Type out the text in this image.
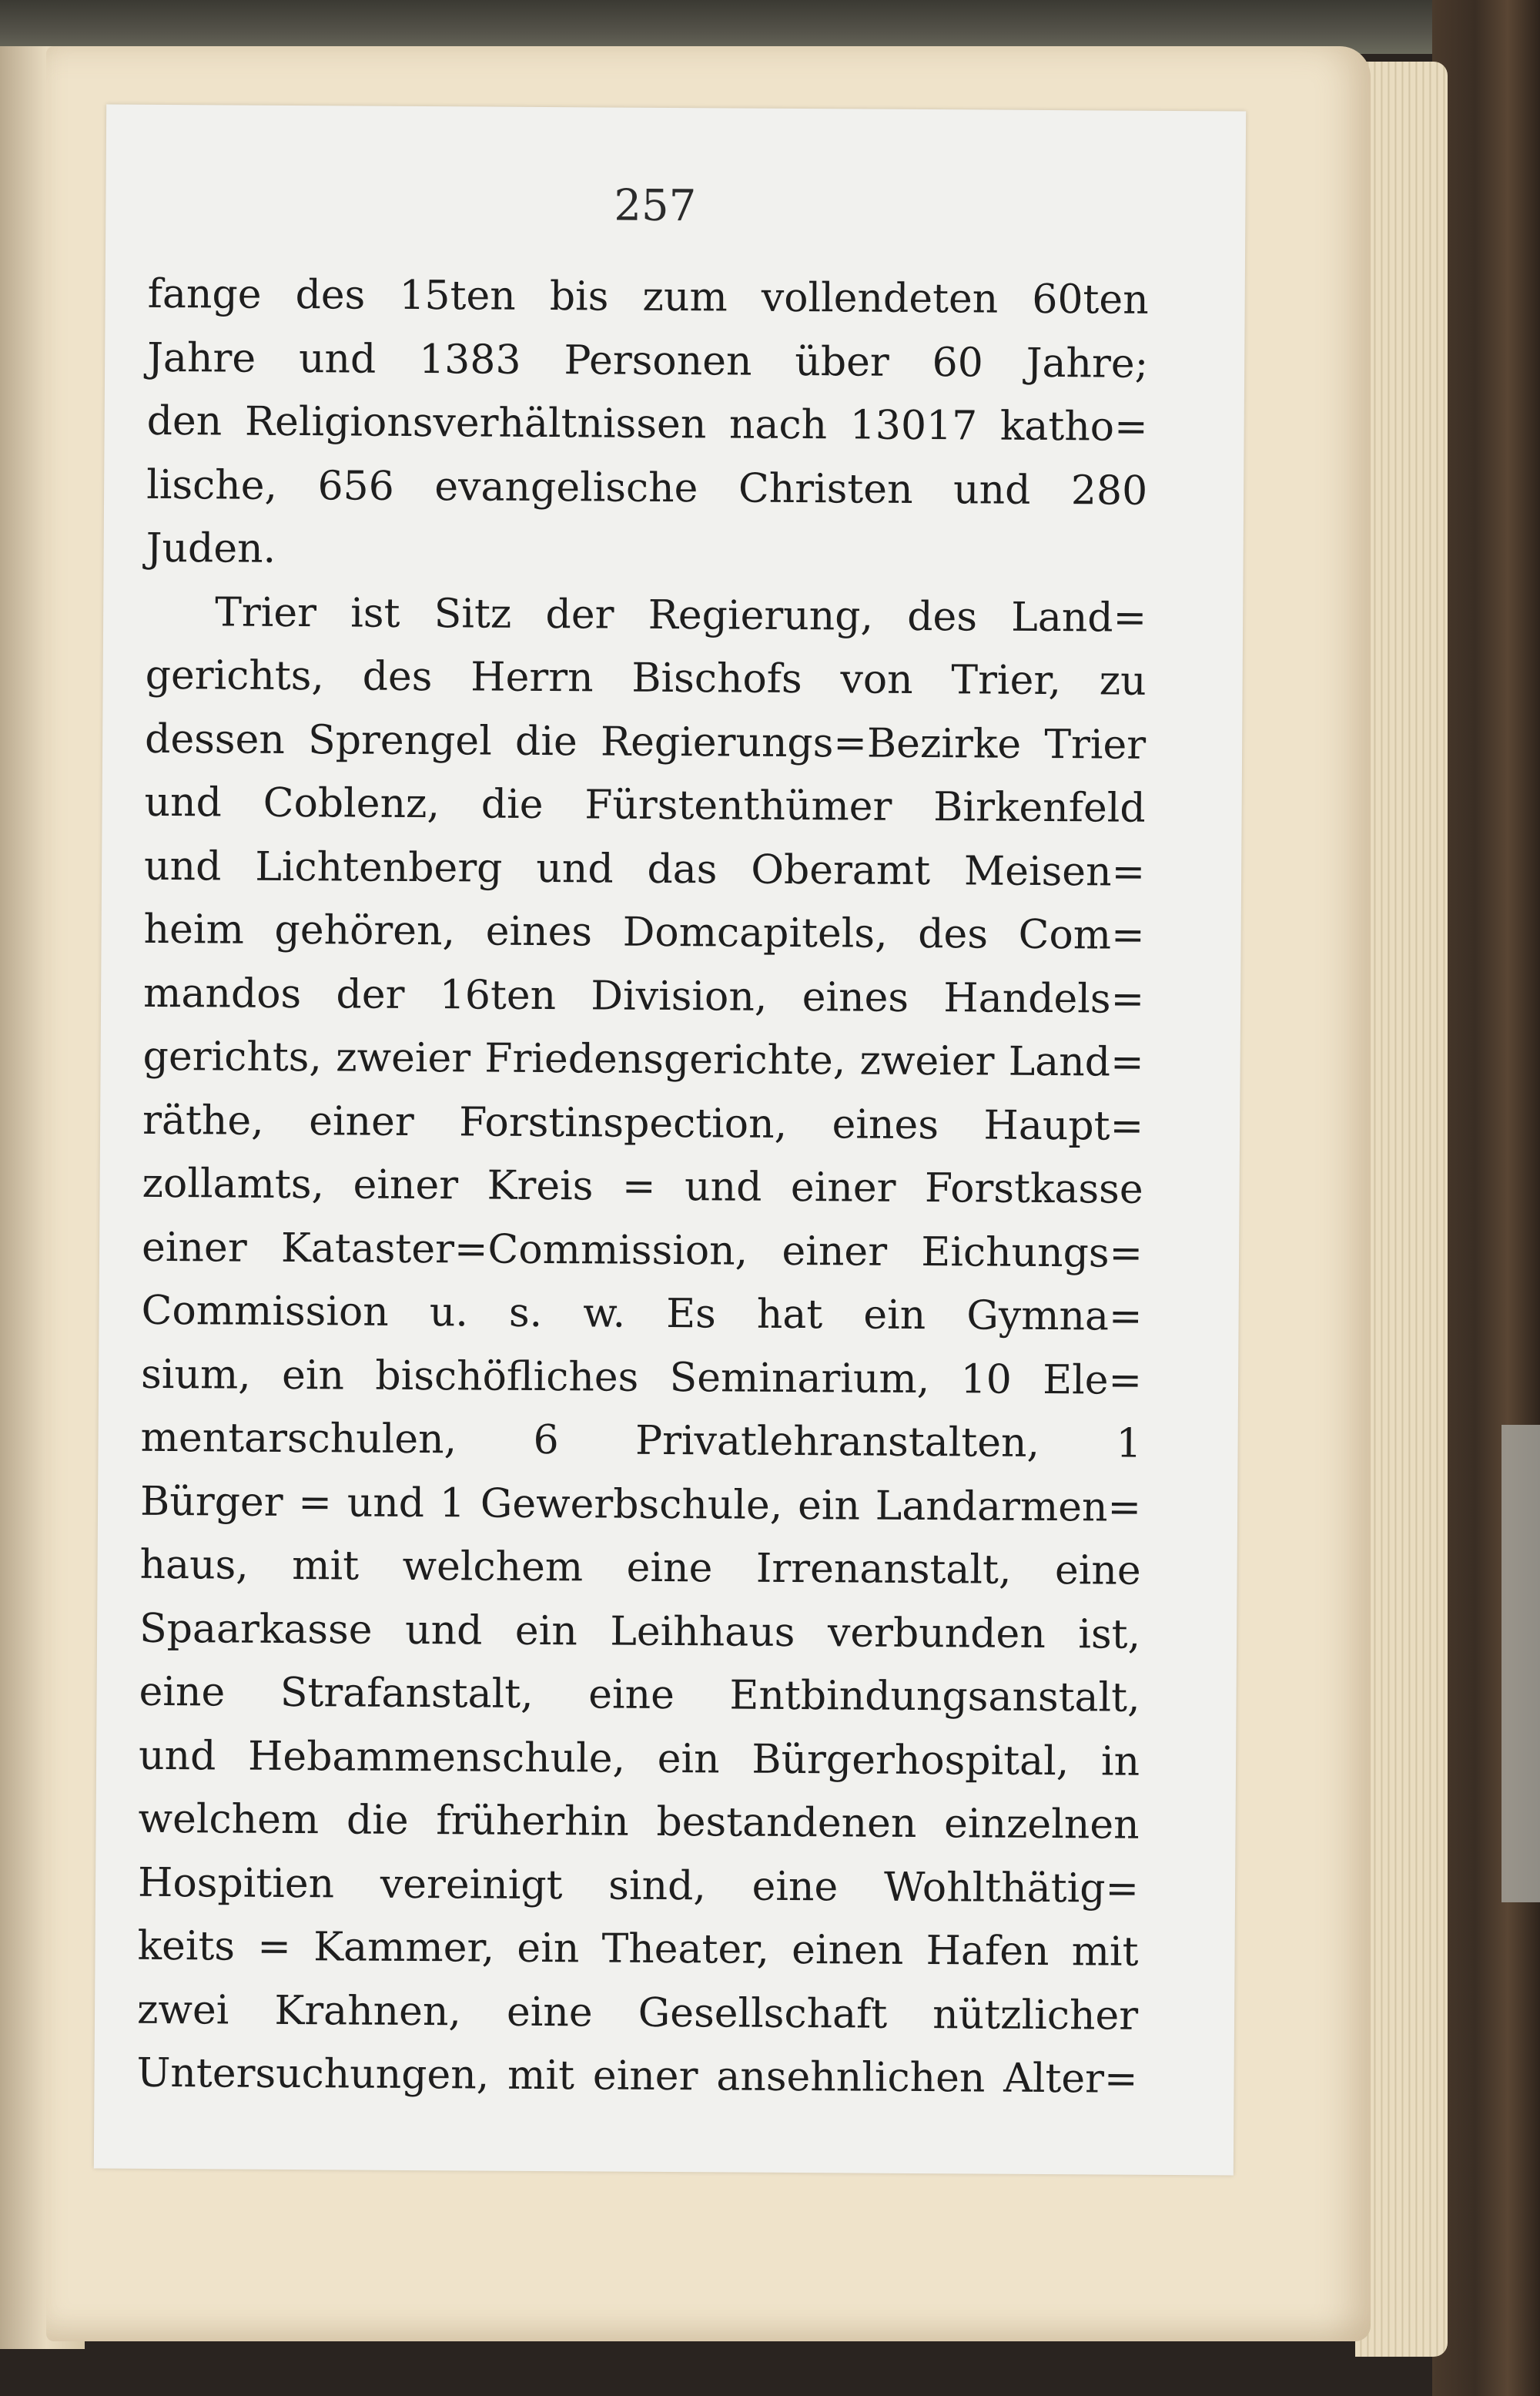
257
fange des 15ten bis zum vollendeten 60ten
Jahre und 1383 Personen über 60 Jahre;
den Religionsverhältnissen nach 13017 katho=
lische, 656 evangelische Christen und 280
Juden.
Trier ist Sitz der Regierung, des Land=
gerichts, des Herrn Bischofs von Trier, zu
dessen Sprengel die Regierungs=Bezirke Trier
und Coblenz, die Fürstenthümer Birkenfeld
und Lichtenberg und das Oberamt Meisen=
heim gehören, eines Domcapitels, des Com=
mandos der 16ten Division, eines Handels=
gerichts, zweier Friedensgerichte, zweier Land=
räthe, einer Forstinspection, eines Haupt=
zollamts, einer Kreis = und einer Forstkasse
einer Kataster=Commission, einer Eichungs=
Commission u. s. w. Es hat ein Gymna=
sium, ein bischöfliches Seminarium, 10 Ele=
mentarschulen, 6 Privatlehranstalten, 1
Bürger = und 1 Gewerbschule, ein Landarmen=
haus, mit welchem eine Irrenanstalt, eine
Spaarkasse und ein Leihhaus verbunden ist,
eine Strafanstalt, eine Entbindungsanstalt,
und Hebammenschule, ein Bürgerhospital, in
welchem die früherhin bestandenen einzelnen
Hospitien vereinigt sind, eine Wohlthätig=
keits = Kammer, ein Theater, einen Hafen mit
zwei Krahnen, eine Gesellschaft nützlicher
Untersuchungen, mit einer ansehnlichen Alter=
